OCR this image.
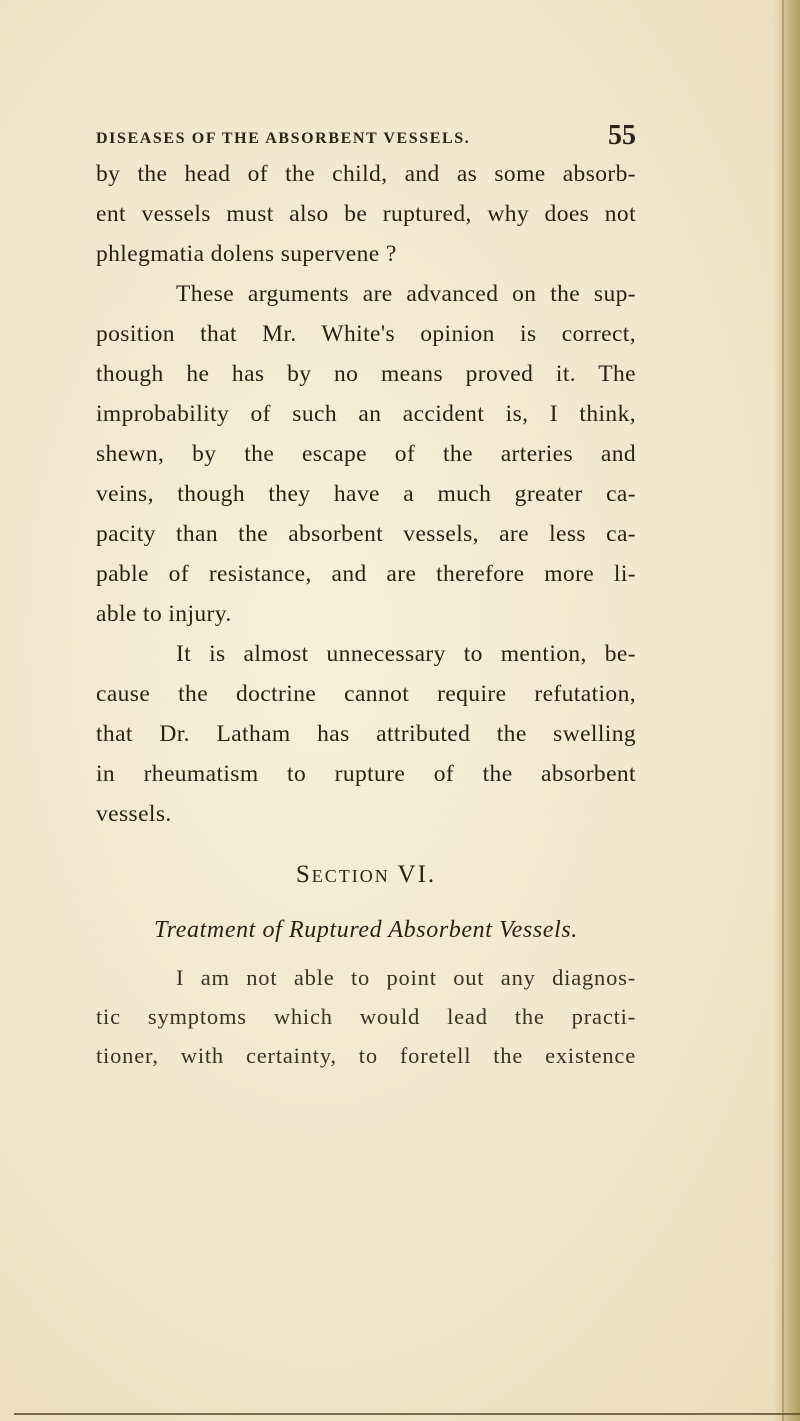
DISEASES OF THE ABSORBENT VESSELS.	55
by the head of the child, and as some absorb-
ent vessels must also be ruptured, why does not
phlegmatia dolens supervene ?
These arguments are advanced on the sup-
position that Mr. White's opinion is correct,
though he has by no means proved it. The
improbability of such an accident is, I think,
shewn, by the escape of the arteries and
veins, though they have a much greater ca-
pacity than the absorbent vessels, are less ca-
pable of resistance, and are therefore more li-
able to injury.
It is almost unnecessary to mention, be-
cause the doctrine cannot require refutation,
that Dr. Latham has attributed the swelling
in rheumatism to rupture of the absorbent
vessels.
Section VI.
Treatment of Ruptured Absorbent Vessels.
I am not able to point out any diagnos-
tic symptoms which would lead the practi-
tioner, with certainty, to foretell the existence
